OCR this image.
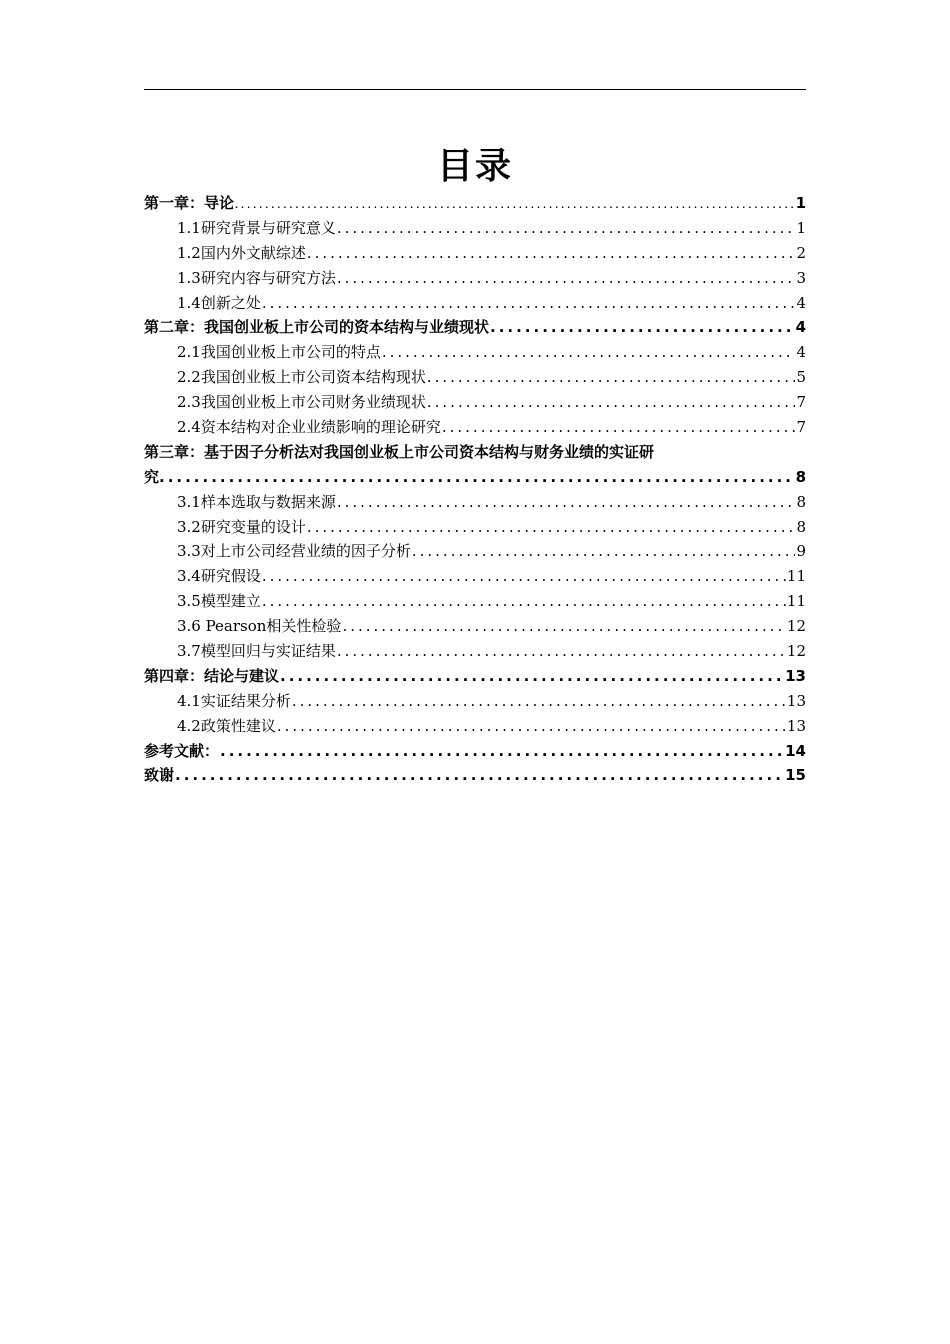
目录
第一章：导论 .....	1
1.1研究背景与研究意义 .....	1
1.2国内外文献综述 .....	2
1.3研究内容与研究方法 .....	3
1.4创新之处 .....	4
第二章：我国创业板上市公司的资本结构与业绩现状 .....	4
2.1我国创业板上市公司的特点 .....	4
2.2我国创业板上市公司资本结构现状 .....	5
2.3我国创业板上市公司财务业绩现状 .....	7
2.4资本结构对企业业绩影响的理论研究 .....	7
第三章：基于因子分析法对我国创业板上市公司资本结构与财务业绩的实证研
究 .....	8
3.1样本选取与数据来源 .....	8
3.2研究变量的设计 .....	8
3.3对上市公司经营业绩的因子分析 .....	9
3.4研究假设 .....	11
3.5模型建立 .....	11
3.6 Pearson相关性检验 .....	12
3.7模型回归与实证结果 .....	12
第四章：结论与建议 .....	13
4.1实证结果分析 .....	13
4.2政策性建议 .....	13
参考文献： .....	14
致谢 .....	15
